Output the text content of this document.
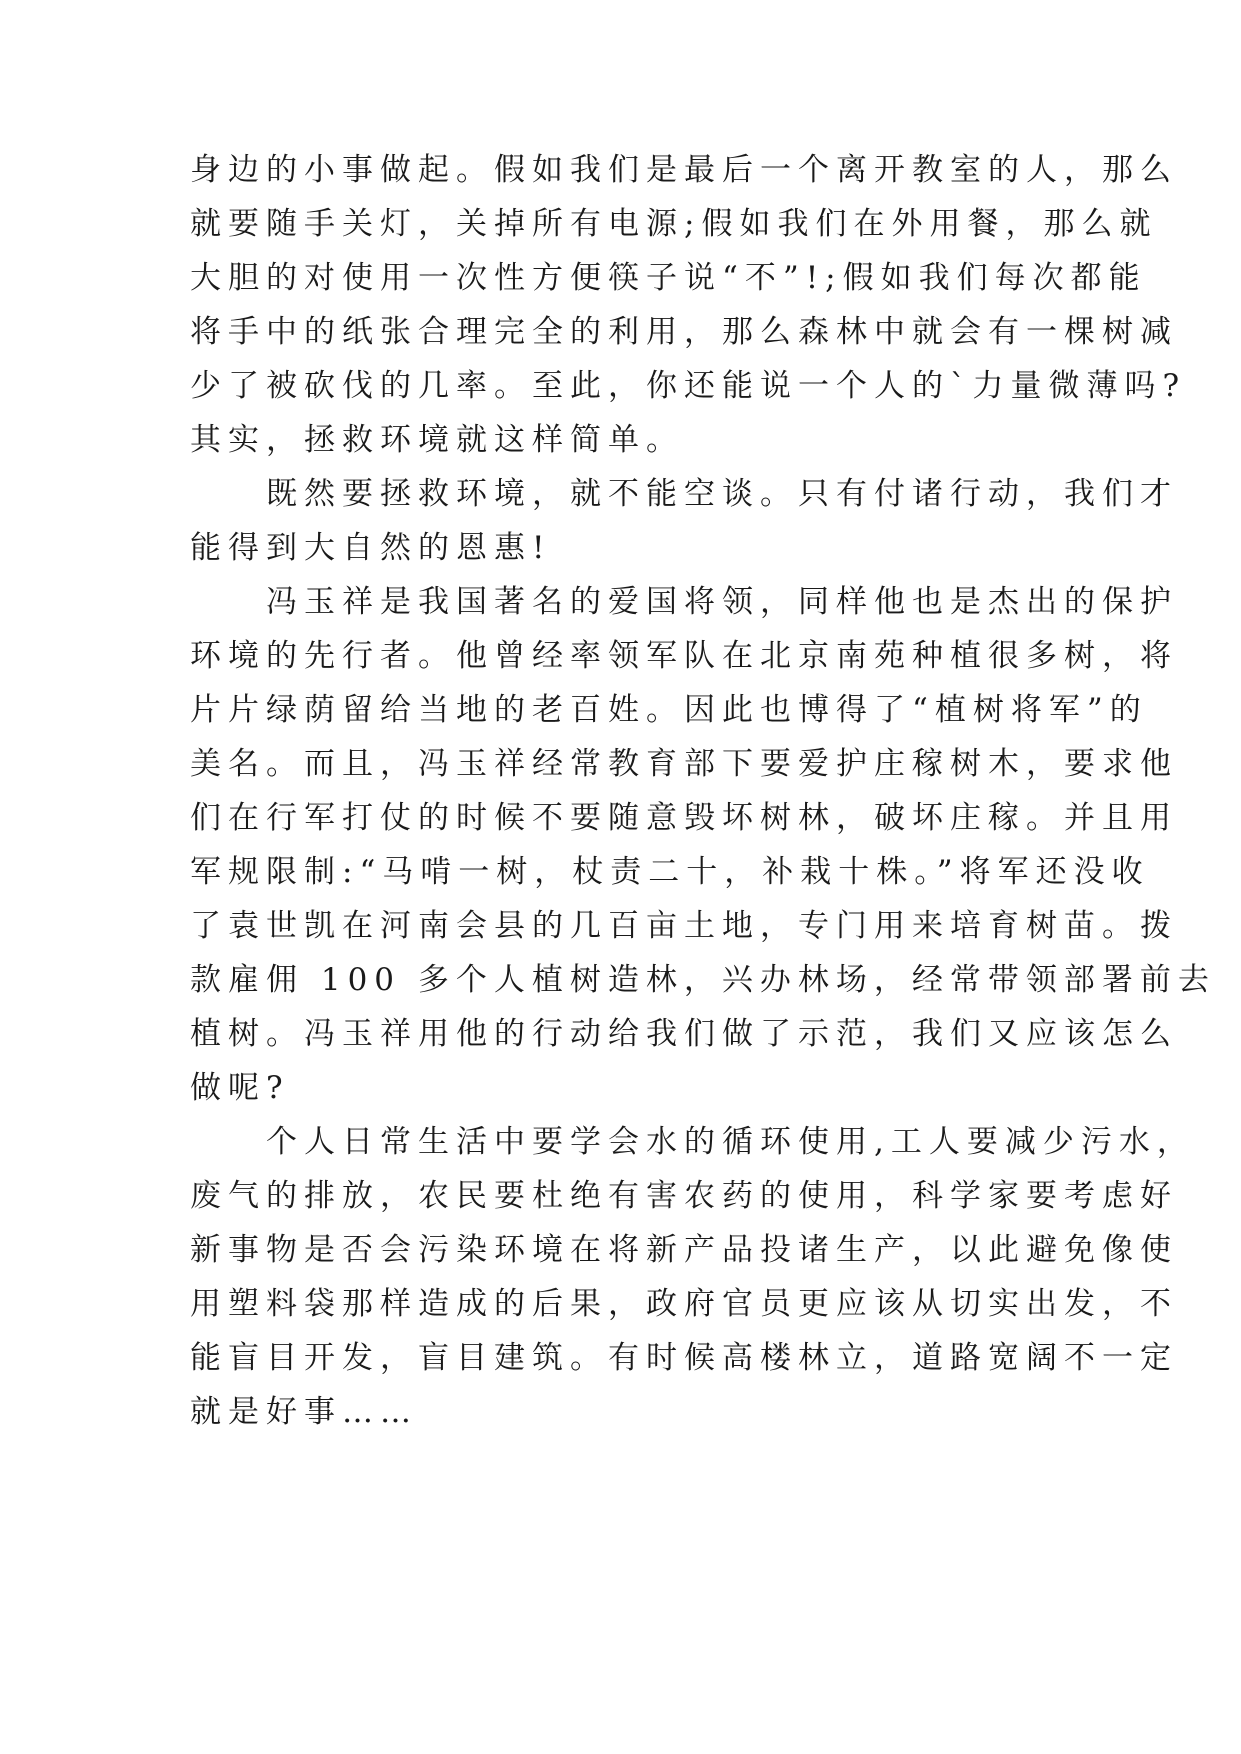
身边的小事做起。假如我们是最后一个离开教室的人，那么
就要随手关灯，关掉所有电源;假如我们在外用餐，那么就
大胆的对使用一次性方便筷子说“不”!;假如我们每次都能
将手中的纸张合理完全的利用，那么森林中就会有一棵树减
少了被砍伐的几率。至此，你还能说一个人的`力量微薄吗?
其实，拯救环境就这样简单。
　　既然要拯救环境，就不能空谈。只有付诸行动，我们才
能得到大自然的恩惠!
　　冯玉祥是我国著名的爱国将领，同样他也是杰出的保护
环境的先行者。他曾经率领军队在北京南苑种植很多树，将
片片绿荫留给当地的老百姓。因此也博得了“植树将军”的
美名。而且，冯玉祥经常教育部下要爱护庄稼树木，要求他
们在行军打仗的时候不要随意毁坏树林，破坏庄稼。并且用
军规限制:“马啃一树，杖责二十，补栽十株。”将军还没收
了袁世凯在河南会县的几百亩土地，专门用来培育树苗。拨
款雇佣 100 多个人植树造林，兴办林场，经常带领部署前去
植树。冯玉祥用他的行动给我们做了示范，我们又应该怎么
做呢?
　　个人日常生活中要学会水的循环使用,工人要减少污水，
废气的排放，农民要杜绝有害农药的使用，科学家要考虑好
新事物是否会污染环境在将新产品投诸生产，以此避免像使
用塑料袋那样造成的后果，政府官员更应该从切实出发，不
能盲目开发，盲目建筑。有时候高楼林立，道路宽阔不一定
就是好事……
